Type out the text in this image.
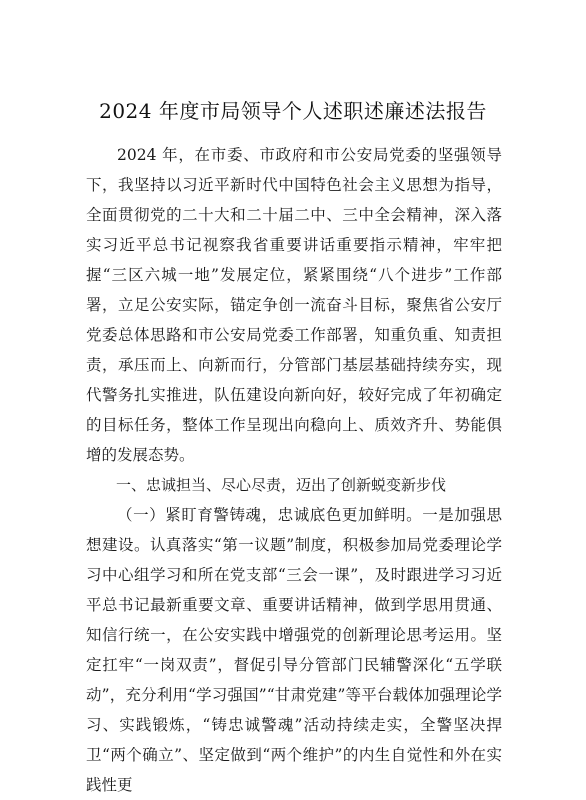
2024 年度市局领导个人述职述廉述法报告

2024 年，在市委、市政府和市公安局党委的坚强领导下，我坚持以习近平新时代中国特色社会主义思想为指导，全面贯彻党的二十大和二十届二中、三中全会精神，深入落实习近平总书记视察我省重要讲话重要指示精神，牢牢把握“三区六城一地”发展定位，紧紧围绕“八个进步”工作部署，立足公安实际，锚定争创一流奋斗目标，聚焦省公安厅党委总体思路和市公安局党委工作部署，知重负重、知责担责，承压而上、向新而行，分管部门基层基础持续夯实，现代警务扎实推进，队伍建设向新向好，较好完成了年初确定的目标任务，整体工作呈现出向稳向上、质效齐升、势能俱增的发展态势。

一、忠诚担当、尽心尽责，迈出了创新蜕变新步伐

（一）紧盯育警铸魂，忠诚底色更加鲜明。一是加强思想建设。认真落实“第一议题”制度，积极参加局党委理论学习中心组学习和所在党支部“三会一课”，及时跟进学习习近平总书记最新重要文章、重要讲话精神，做到学思用贯通、知信行统一，在公安实践中增强党的创新理论思考运用。坚定扛牢“一岗双责”，督促引导分管部门民辅警深化“五学联动”，充分利用“学习强国”“甘肃党建”等平台载体加强理论学习、实践锻炼，“铸忠诚警魂”活动持续走实，全警坚决捍卫“两个确立”、坚定做到“两个维护”的内生自觉性和外在实践性更
